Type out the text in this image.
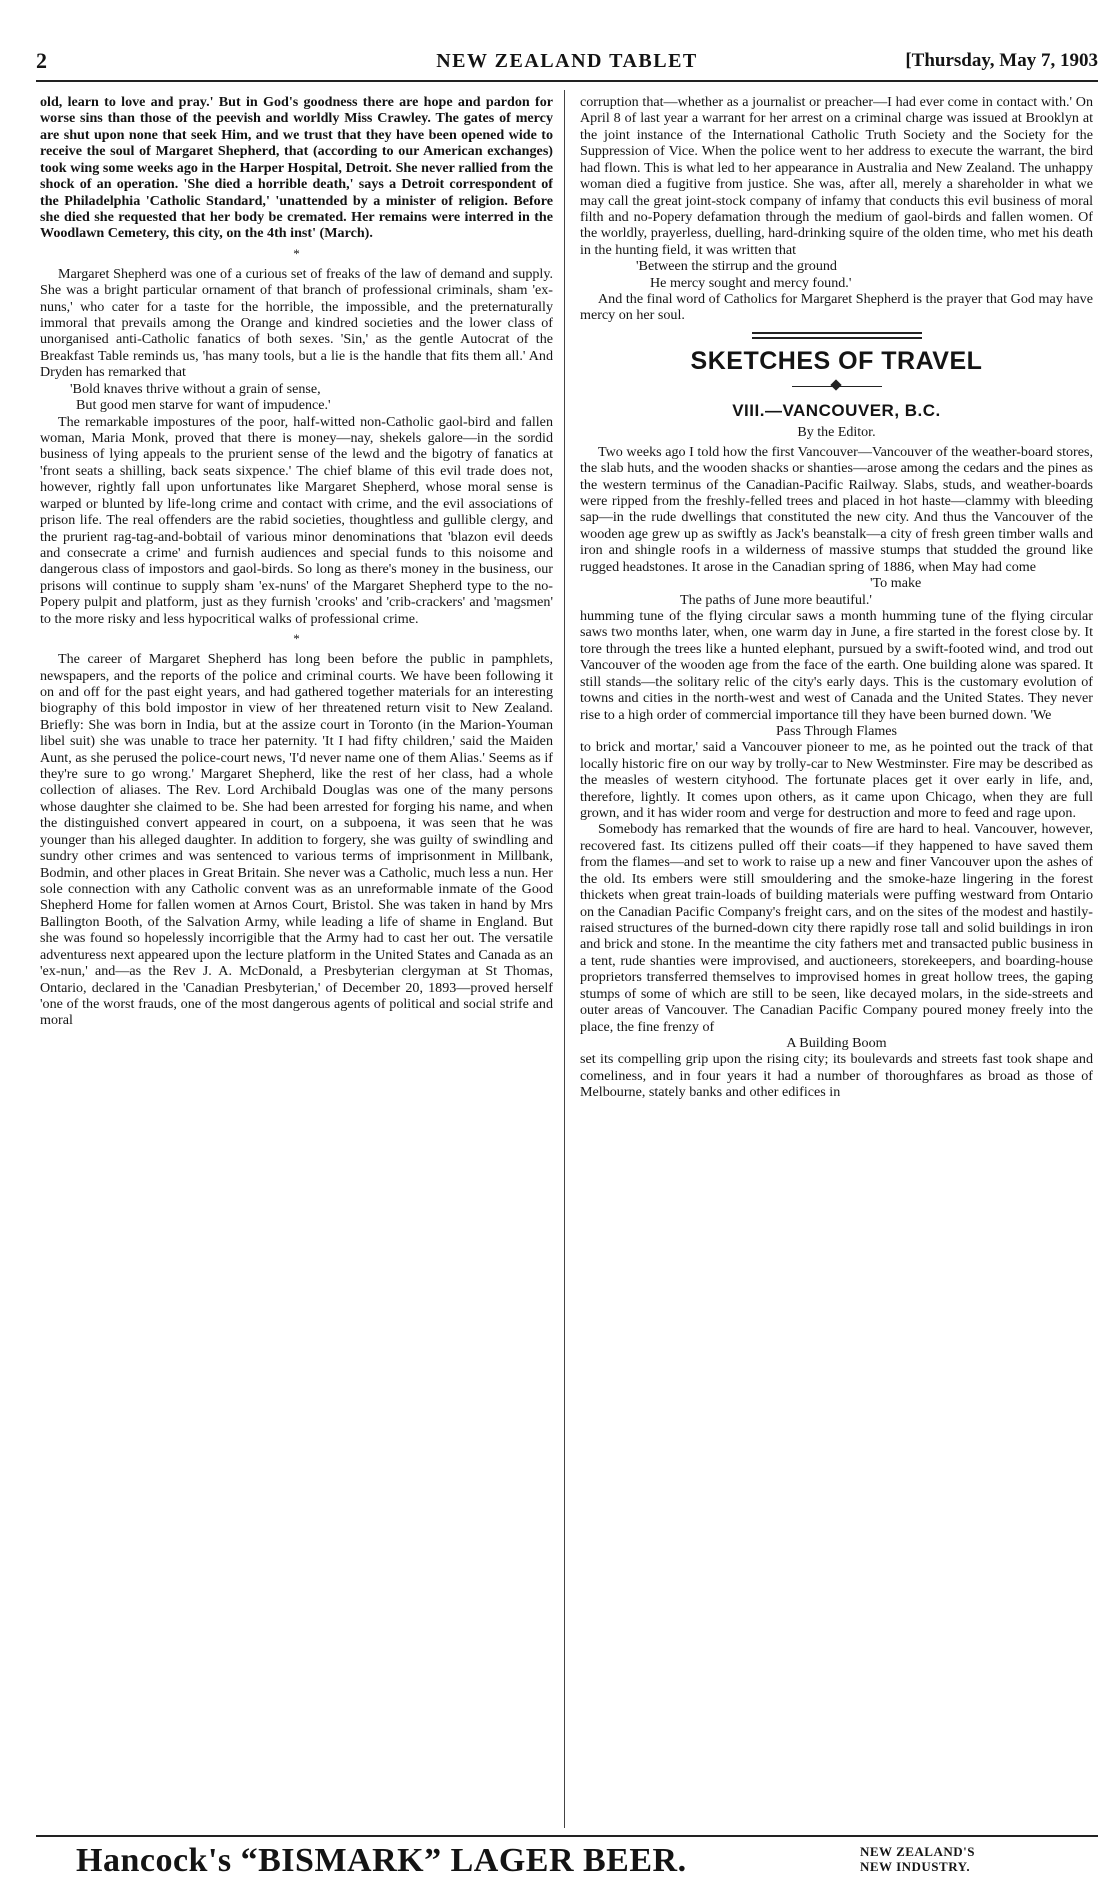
2	NEW ZEALAND TABLET	[Thursday, May 7, 1903

old, learn to love and pray.' But in God's goodness there are hope and pardon for worse sins than those of the peevish and worldly Miss Crawley. The gates of mercy are shut upon none that seek Him, and we trust that they have been opened wide to receive the soul of Margaret Shepherd, that (according to our American exchanges) took wing some weeks ago in the Harper Hospital, Detroit. She never rallied from the shock of an operation. 'She died a horrible death,' says a Detroit correspondent of the Philadelphia 'Catholic Standard,' 'unattended by a minister of religion. Before she died she requested that her body be cremated. Her remains were interred in the Woodlawn Cemetery, this city, on the 4th inst' (March).

*

Margaret Shepherd was one of a curious set of freaks of the law of demand and supply. She was a bright particular ornament of that branch of professional criminals, sham 'ex-nuns,' who cater for a taste for the horrible, the impossible, and the preternaturally immoral that prevails among the Orange and kindred societies and the lower class of unorganised anti-Catholic fanatics of both sexes. 'Sin,' as the gentle Autocrat of the Breakfast Table reminds us, 'has many tools, but a lie is the handle that fits them all.' And Dryden has remarked that

'Bold knaves thrive without a grain of sense,
But good men starve for want of impudence.'

The remarkable impostures of the poor, half-witted non-Catholic gaol-bird and fallen woman, Maria Monk, proved that there is money—nay, shekels galore—in the sordid business of lying appeals to the prurient sense of the lewd and the bigotry of fanatics at 'front seats a shilling, back seats sixpence.' The chief blame of this evil trade does not, however, rightly fall upon unfortunates like Margaret Shepherd, whose moral sense is warped or blunted by life-long crime and contact with crime, and the evil associations of prison life. The real offenders are the rabid societies, thoughtless and gullible clergy, and the prurient rag-tag-and-bobtail of various minor denominations that 'blazon evil deeds and consecrate a crime' and furnish audiences and special funds to this noisome and dangerous class of impostors and gaol-birds. So long as there's money in the business, our prisons will continue to supply sham 'ex-nuns' of the Margaret Shepherd type to the no-Popery pulpit and platform, just as they furnish 'crooks' and 'crib-crackers' and 'magsmen' to the more risky and less hypocritical walks of professional crime.

*

The career of Margaret Shepherd has long been before the public in pamphlets, newspapers, and the reports of the police and criminal courts. We have been following it on and off for the past eight years, and had gathered together materials for an interesting biography of this bold impostor in view of her threatened return visit to New Zealand. Briefly: She was born in India, but at the assize court in Toronto (in the Marion-Youman libel suit) she was unable to trace her paternity. 'It I had fifty children,' said the Maiden Aunt, as she perused the police-court news, 'I'd never name one of them Alias.' Seems as if they're sure to go wrong.' Margaret Shepherd, like the rest of her class, had a whole collection of aliases. The Rev. Lord Archibald Douglas was one of the many persons whose daughter she claimed to be. She had been arrested for forging his name, and when the distinguished convert appeared in court, on a subpoena, it was seen that he was younger than his alleged daughter. In addition to forgery, she was guilty of swindling and sundry other crimes and was sentenced to various terms of imprisonment in Millbank, Bodmin, and other places in Great Britain. She never was a Catholic, much less a nun. Her sole connection with any Catholic convent was as an unreformable inmate of the Good Shepherd Home for fallen women at Arnos Court, Bristol. She was taken in hand by Mrs Ballington Booth, of the Salvation Army, while leading a life of shame in England. But she was found so hopelessly incorrigible that the Army had to cast her out. The versatile adventuress next appeared upon the lecture platform in the United States and Canada as an 'ex-nun,' and—as the Rev J. A. McDonald, a Presbyterian clergyman at St Thomas, Ontario, declared in the 'Canadian Presbyterian,' of December 20, 1893—proved herself 'one of the worst frauds, one of the most dangerous agents of political and social strife and moral

corruption that—whether as a journalist or preacher—I had ever come in contact with.' On April 8 of last year a warrant for her arrest on a criminal charge was issued at Brooklyn at the joint instance of the International Catholic Truth Society and the Society for the Suppression of Vice. When the police went to her address to execute the warrant, the bird had flown. This is what led to her appearance in Australia and New Zealand. The unhappy woman died a fugitive from justice. She was, after all, merely a shareholder in what we may call the great joint-stock company of infamy that conducts this evil business of moral filth and no-Popery defamation through the medium of gaol-birds and fallen women. Of the worldly, prayerless, duelling, hard-drinking squire of the olden time, who met his death in the hunting field, it was written that

'Between the stirrup and the ground
He mercy sought and mercy found.'

And the final word of Catholics for Margaret Shepherd is the prayer that God may have mercy on her soul.

SKETCHES OF TRAVEL
VIII.—VANCOUVER, B.C.
By the Editor.

Two weeks ago I told how the first Vancouver—Vancouver of the weather-board stores, the slab huts, and the wooden shacks or shanties—arose among the cedars and the pines as the western terminus of the Canadian-Pacific Railway. Slabs, studs, and weather-boards were ripped from the freshly-felled trees and placed in hot haste—clammy with bleeding sap—in the rude dwellings that constituted the new city. And thus the Vancouver of the wooden age grew up as swiftly as Jack's beanstalk—a city of fresh green timber walls and iron and shingle roofs in a wilderness of massive stumps that studded the ground like rugged headstones. It arose in the Canadian spring of 1886, when May had come

'To make
The paths of June more beautiful.'

humming tune of the flying circular saws a month humming tune of the flying circular saws two months later, when, one warm day in June, a fire started in the forest close by. It tore through the trees like a hunted elephant, pursued by a swift-footed wind, and trod out Vancouver of the wooden age from the face of the earth. One building alone was spared. It still stands—the solitary relic of the city's early days. This is the customary evolution of towns and cities in the north-west and west of Canada and the United States. They never rise to a high order of commercial importance till they have been burned down. 'We

Pass Through Flames

to brick and mortar,' said a Vancouver pioneer to me, as he pointed out the track of that locally historic fire on our way by trolly-car to New Westminster. Fire may be described as the measles of western cityhood. The fortunate places get it over early in life, and, therefore, lightly. It comes upon others, as it came upon Chicago, when they are full grown, and it has wider room and verge for destruction and more to feed and rage upon.

Somebody has remarked that the wounds of fire are hard to heal. Vancouver, however, recovered fast. Its citizens pulled off their coats—if they happened to have saved them from the flames—and set to work to raise up a new and finer Vancouver upon the ashes of the old. Its embers were still smouldering and the smoke-haze lingering in the forest thickets when great train-loads of building materials were puffing westward from Ontario on the Canadian Pacific Company's freight cars, and on the sites of the modest and hastily-raised structures of the burned-down city there rapidly rose tall and solid buildings in iron and brick and stone. In the meantime the city fathers met and transacted public business in a tent, rude shanties were improvised, and auctioneers, storekeepers, and boarding-house proprietors transferred themselves to improvised homes in great hollow trees, the gaping stumps of some of which are still to be seen, like decayed molars, in the side-streets and outer areas of Vancouver. The Canadian Pacific Company poured money freely into the place, the fine frenzy of

A Building Boom

set its compelling grip upon the rising city; its boulevards and streets fast took shape and comeliness, and in four years it had a number of thoroughfares as broad as those of Melbourne, stately banks and other edifices in

Hancock's “BISMARK” LAGER BEER.	NEW ZEALAND'S
NEW INDUSTRY.
